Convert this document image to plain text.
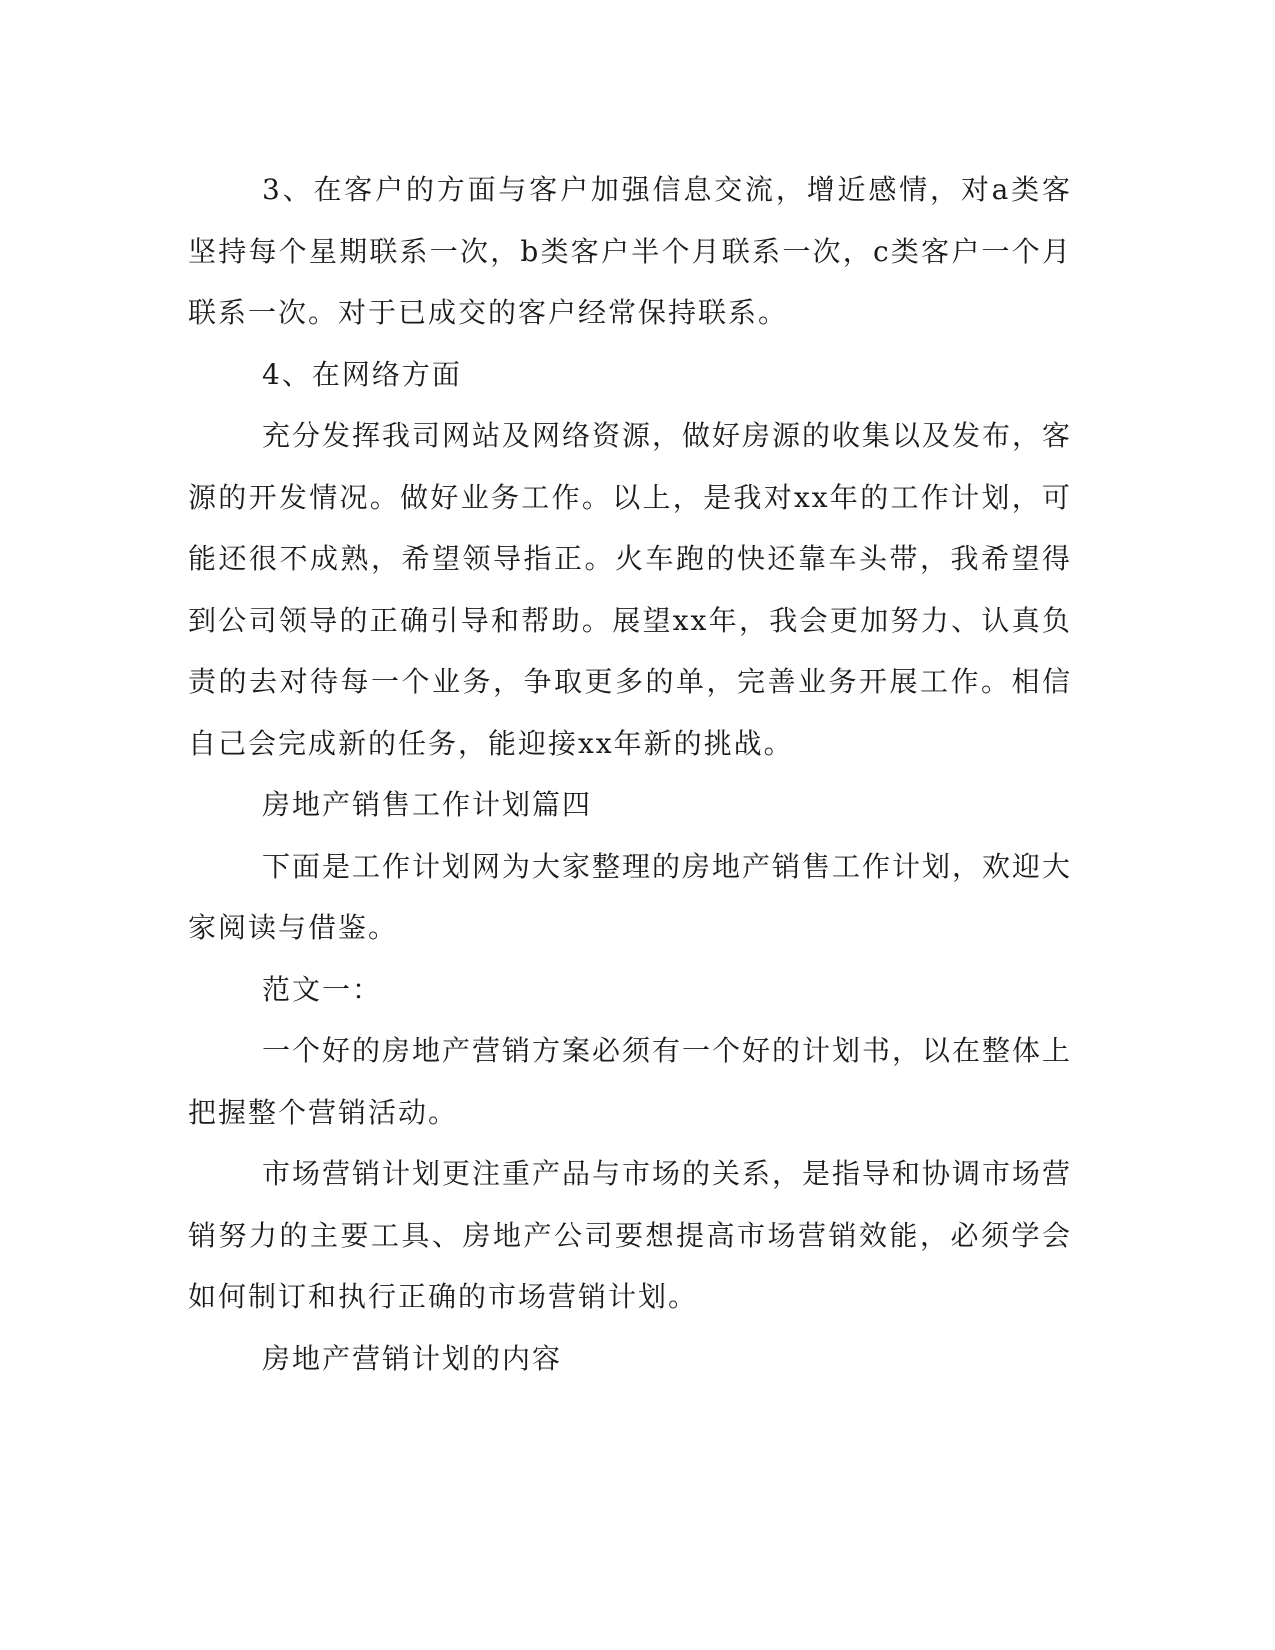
3、在客户的方面与客户加强信息交流，增近感情，对a类客坚持每个星期联系一次，b类客户半个月联系一次，c类客户一个月联系一次。对于已成交的客户经常保持联系。

4、在网络方面

充分发挥我司网站及网络资源，做好房源的收集以及发布，客源的开发情况。做好业务工作。以上，是我对xx年的工作计划，可能还很不成熟，希望领导指正。火车跑的快还靠车头带，我希望得到公司领导的正确引导和帮助。展望xx年，我会更加努力、认真负责的去对待每一个业务，争取更多的单，完善业务开展工作。相信自己会完成新的任务，能迎接xx年新的挑战。

房地产销售工作计划篇四

下面是工作计划网为大家整理的房地产销售工作计划，欢迎大家阅读与借鉴。

范文一：

一个好的房地产营销方案必须有一个好的计划书，以在整体上把握整个营销活动。

市场营销计划更注重产品与市场的关系，是指导和协调市场营销努力的主要工具、房地产公司要想提高市场营销效能，必须学会如何制订和执行正确的市场营销计划。

房地产营销计划的内容
